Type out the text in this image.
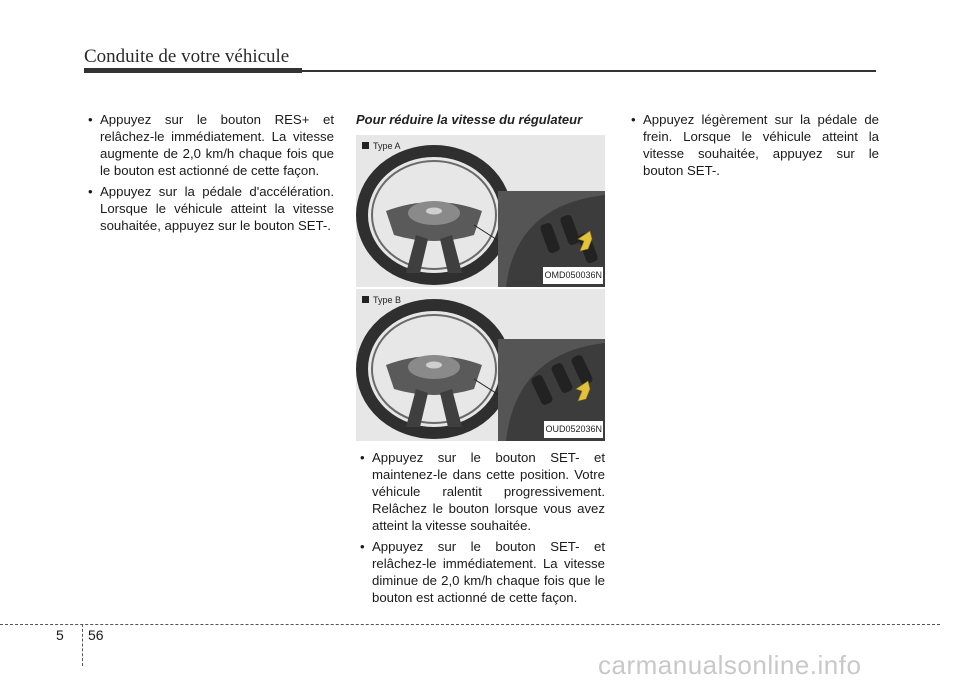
Conduite de votre véhicule
• Appuyez sur le bouton RES+ et relâchez-le immédiatement. La vitesse augmente de 2,0 km/h chaque fois que le bouton est actionné de cette façon.
• Appuyez sur la pédale d'accélération. Lorsque le véhicule atteint la vitesse souhaitée, appuyez sur le bouton SET-.
Pour réduire la vitesse du régulateur
Type A
OMD050036N
Type B
OUD052036N
• Appuyez sur le bouton SET- et maintenez-le dans cette position. Votre véhicule ralentit progressivement. Relâchez le bouton lorsque vous avez atteint la vitesse souhaitée.
• Appuyez sur le bouton SET- et relâchez-le immédiatement. La vitesse diminue de 2,0 km/h chaque fois que le bouton est actionné de cette façon.
• Appuyez légèrement sur la pédale de frein. Lorsque le véhicule atteint la vitesse souhaitée, appuyez sur le bouton SET-.
5 56
carmanualsonline.info
